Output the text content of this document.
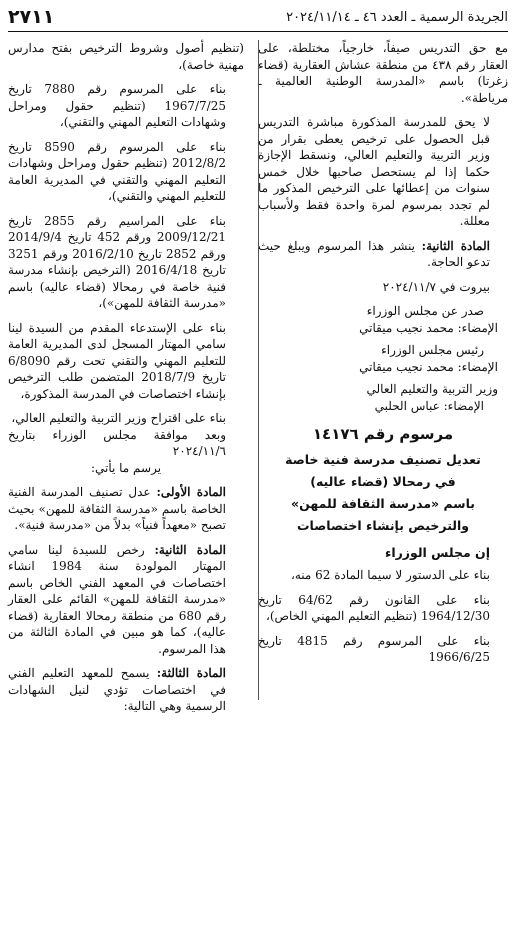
الجريدة الرسمية ـ العدد ٤٦ ـ ٢٠٢٤/١١/١٤
٢٧١١

مع حق التدريس صيفاً، خارجياً، مختلطة، على العقار رقم ٤٣٨ من منطقة عشاش العقارية (قضاء زغرتا) باسم «المدرسة الوطنية العالمية ـ مرياطة».

لا يحق للمدرسة المذكورة مباشرة التدريس قبل الحصول على ترخيص يعطى بقرار من وزير التربية والتعليم العالي، ونسقط الإجازة حكما إذا لم يستحصل صاحبها خلال خمس سنوات من إعطائها على الترخيص المذكور ما لم تجدد بمرسوم لمرة واحدة فقط ولأسباب معللة.

المادة الثانية: ينشر هذا المرسوم ويبلغ حيث تدعو الحاجة.

بيروت في ٢٠٢٤/١١/٧

صدر عن مجلس الوزراء
الإمضاء: محمد نجيب ميقاتي
رئيس مجلس الوزراء
الإمضاء: محمد نجيب ميقاتي
وزير التربية والتعليم العالي
الإمضاء: عباس الحلبي
مرسوم رقم ١٤١٧٦
تعديل تصنيف مدرسة فنية خاصة
في رمحالا (قضاء عاليه)
باسم «مدرسة الثقافة للمهن»
والترخيص بإنشاء اختصاصات
إن مجلس الوزراء

بناء على الدستور لا سيما المادة 62 منه،

بناء على القانون رقم 64/62 تاريخ 1964/12/30 (تنظيم التعليم المهني الخاص)،

بناء على المرسوم رقم 4815 تاريخ 1966/6/25

(تنظيم أصول وشروط الترخيص بفتح مدارس مهنية خاصة)،

بناء على المرسوم رقم 7880 تاريخ 1967/7/25 (تنظيم حقول ومراحل وشهادات التعليم المهني والتقني)،

بناء على المرسوم رقم 8590 تاريخ 2012/8/2 (تنظيم حقول ومراحل وشهادات التعليم المهني والتقني في المديرية العامة للتعليم المهني والتقني)،

بناء على المراسيم رقم 2855 تاريخ 2009/12/21 ورقم 452 تاريخ 2014/9/4 ورقم 2852 تاريخ 2016/2/10 ورقم 3251 تاريخ 2016/4/18 (الترخيص بإنشاء مدرسة فنية خاصة في رمحالا (قضاء عاليه) باسم «مدرسة الثقافة للمهن»)،

بناء على الإستدعاء المقدم من السيدة لينا سامي المهتار المسجل لدى المديرية العامة للتعليم المهني والتقني تحت رقم 6/8090 تاريخ 2018/7/9 المتضمن طلب الترخيص بإنشاء اختصاصات في المدرسة المذكورة،

بناء على اقتراح وزير التربية والتعليم العالي،

وبعد موافقة مجلس الوزراء بتاريخ ٢٠٢٤/١١/٦

يرسم ما يأتي:

المادة الأولى: عدل تصنيف المدرسة الفنية الخاصة باسم «مدرسة الثقافة للمهن» بحيث تصبح «معهداً فنياً» بدلاً من «مدرسة فنية».

المادة الثانية: رخص للسيدة لينا سامي المهتار المولودة سنة 1984 انشاء اختصاصات في المعهد الفني الخاص باسم «مدرسة الثقافة للمهن» القائم على العقار رقم 680 من منطقة رمحالا العقارية (قضاء عاليه)، كما هو مبين في المادة الثالثة من هذا المرسوم.

المادة الثالثة: يسمح للمعهد التعليم الفني في اختصاصات تؤدي لنيل الشهادات الرسمية وهي التالية:
